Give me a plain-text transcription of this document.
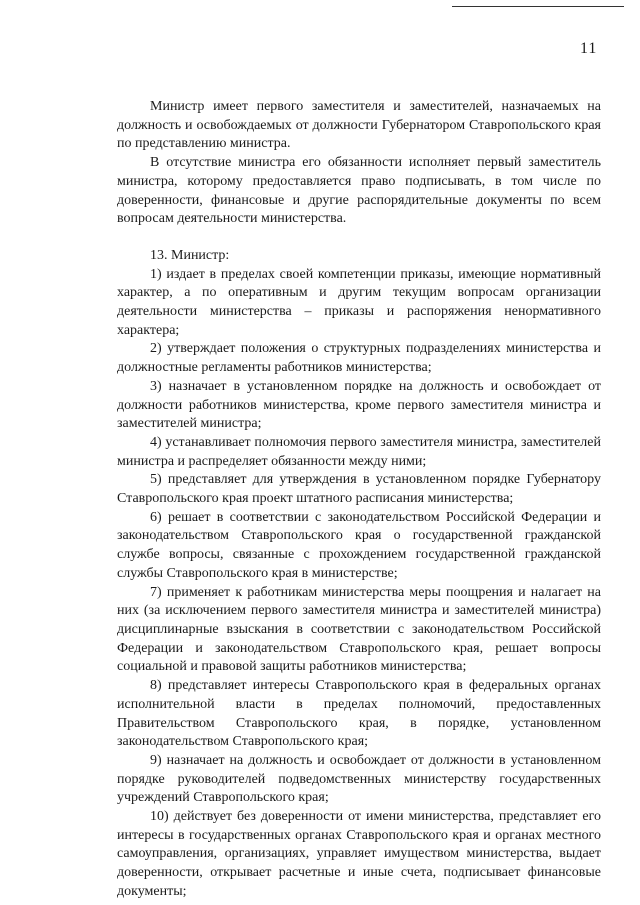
11

Министр имеет первого заместителя и заместителей, назначаемых на должность и освобождаемых от должности Губернатором Ставропольского края по представлению министра.

В отсутствие министра его обязанности исполняет первый заместитель министра, которому предоставляется право подписывать, в том числе по доверенности, финансовые и другие распорядительные документы по всем вопросам деятельности министерства.

13. Министр:

1) издает в пределах своей компетенции приказы, имеющие нормативный характер, а по оперативным и другим текущим вопросам организации деятельности министерства – приказы и распоряжения ненормативного характера;

2) утверждает положения о структурных подразделениях министерства и должностные регламенты работников министерства;

3) назначает в установленном порядке на должность и освобождает от должности работников министерства, кроме первого заместителя министра и заместителей министра;

4) устанавливает полномочия первого заместителя министра, заместителей министра и распределяет обязанности между ними;

5) представляет для утверждения в установленном порядке Губернатору Ставропольского края проект штатного расписания министерства;

6) решает в соответствии с законодательством Российской Федерации и законодательством Ставропольского края о государственной гражданской службе вопросы, связанные с прохождением государственной гражданской службы Ставропольского края в министерстве;

7) применяет к работникам министерства меры поощрения и налагает на них (за исключением первого заместителя министра и заместителей министра) дисциплинарные взыскания в соответствии с законодательством Российской Федерации и законодательством Ставропольского края, решает вопросы социальной и правовой защиты работников министерства;

8) представляет интересы Ставропольского края в федеральных органах исполнительной власти в пределах полномочий, предоставленных Правительством Ставропольского края, в порядке, установленном законодательством Ставропольского края;

9) назначает на должность и освобождает от должности в установленном порядке руководителей подведомственных министерству государственных учреждений Ставропольского края;

10) действует без доверенности от имени министерства, представляет его интересы в государственных органах Ставропольского края и органах местного самоуправления, организациях, управляет имуществом министерства, выдает доверенности, открывает расчетные и иные счета, подписывает финансовые документы;
